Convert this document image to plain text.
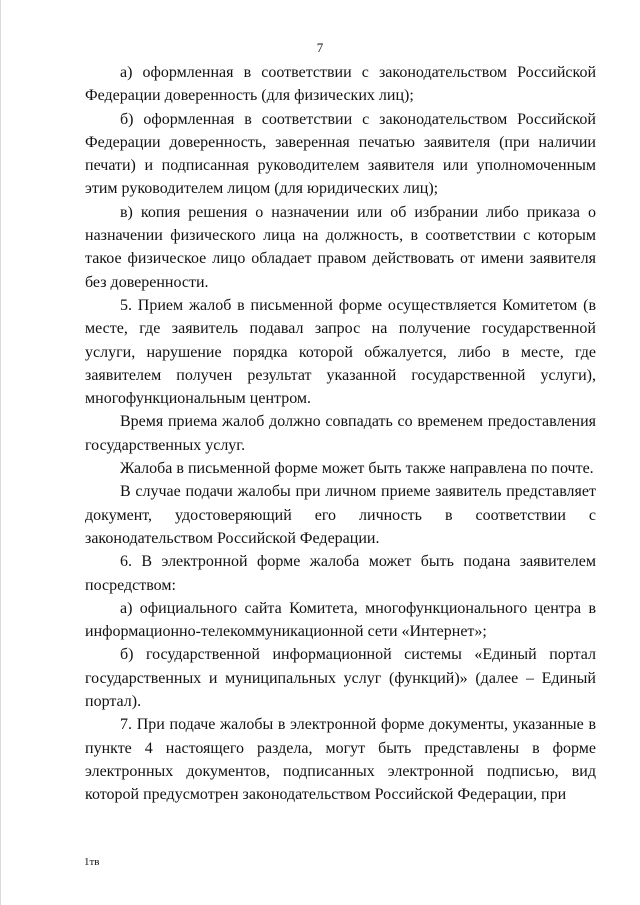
7

а) оформленная в соответствии с законодательством Российской Федерации доверенность (для физических лиц);

б) оформленная в соответствии с законодательством Российской Федерации доверенность, заверенная печатью заявителя (при наличии печати) и подписанная руководителем заявителя или уполномоченным этим руководителем лицом (для юридических лиц);

в) копия решения о назначении или об избрании либо приказа о назначении физического лица на должность, в соответствии с которым такое физическое лицо обладает правом действовать от имени заявителя без доверенности.

5. Прием жалоб в письменной форме осуществляется Комитетом (в месте, где заявитель подавал запрос на получение государственной услуги, нарушение порядка которой обжалуется, либо в месте, где заявителем получен результат указанной государственной услуги), многофункциональным центром.

Время приема жалоб должно совпадать со временем предоставления государственных услуг.

Жалоба в письменной форме может быть также направлена по почте.

В случае подачи жалобы при личном приеме заявитель представляет документ, удостоверяющий его личность в соответствии с законодательством Российской Федерации.

6. В электронной форме жалоба может быть подана заявителем посредством:

а) официального сайта Комитета, многофункционального центра в информационно-телекоммуникационной сети «Интернет»;

б) государственной информационной системы «Единый портал государственных и муниципальных услуг (функций)» (далее – Единый портал).

7. При подаче жалобы в электронной форме документы, указанные в пункте 4 настоящего раздела, могут быть представлены в форме электронных документов, подписанных электронной подписью, вид которой предусмотрен законодательством Российской Федерации, при

1тв
